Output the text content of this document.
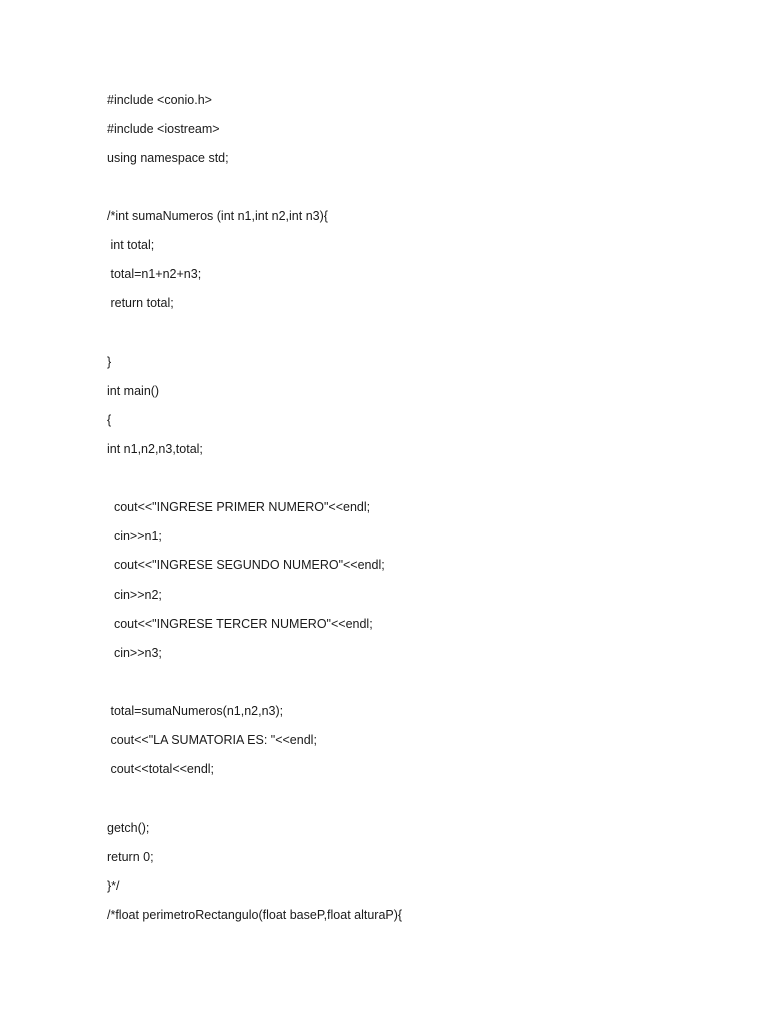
#include <conio.h>
#include <iostream>
using namespace std;
/*int sumaNumeros (int n1,int n2,int n3){
int total;
total=n1+n2+n3;
return total;
}
int main()
{
int n1,n2,n3,total;
cout<<"INGRESE PRIMER NUMERO"<<endl;
cin>>n1;
cout<<"INGRESE SEGUNDO NUMERO"<<endl;
cin>>n2;
cout<<"INGRESE TERCER NUMERO"<<endl;
cin>>n3;
total=sumaNumeros(n1,n2,n3);
cout<<"LA SUMATORIA ES: "<<endl;
cout<<total<<endl;
getch();
return 0;
}*/
/*float perimetroRectangulo(float baseP,float alturaP){
